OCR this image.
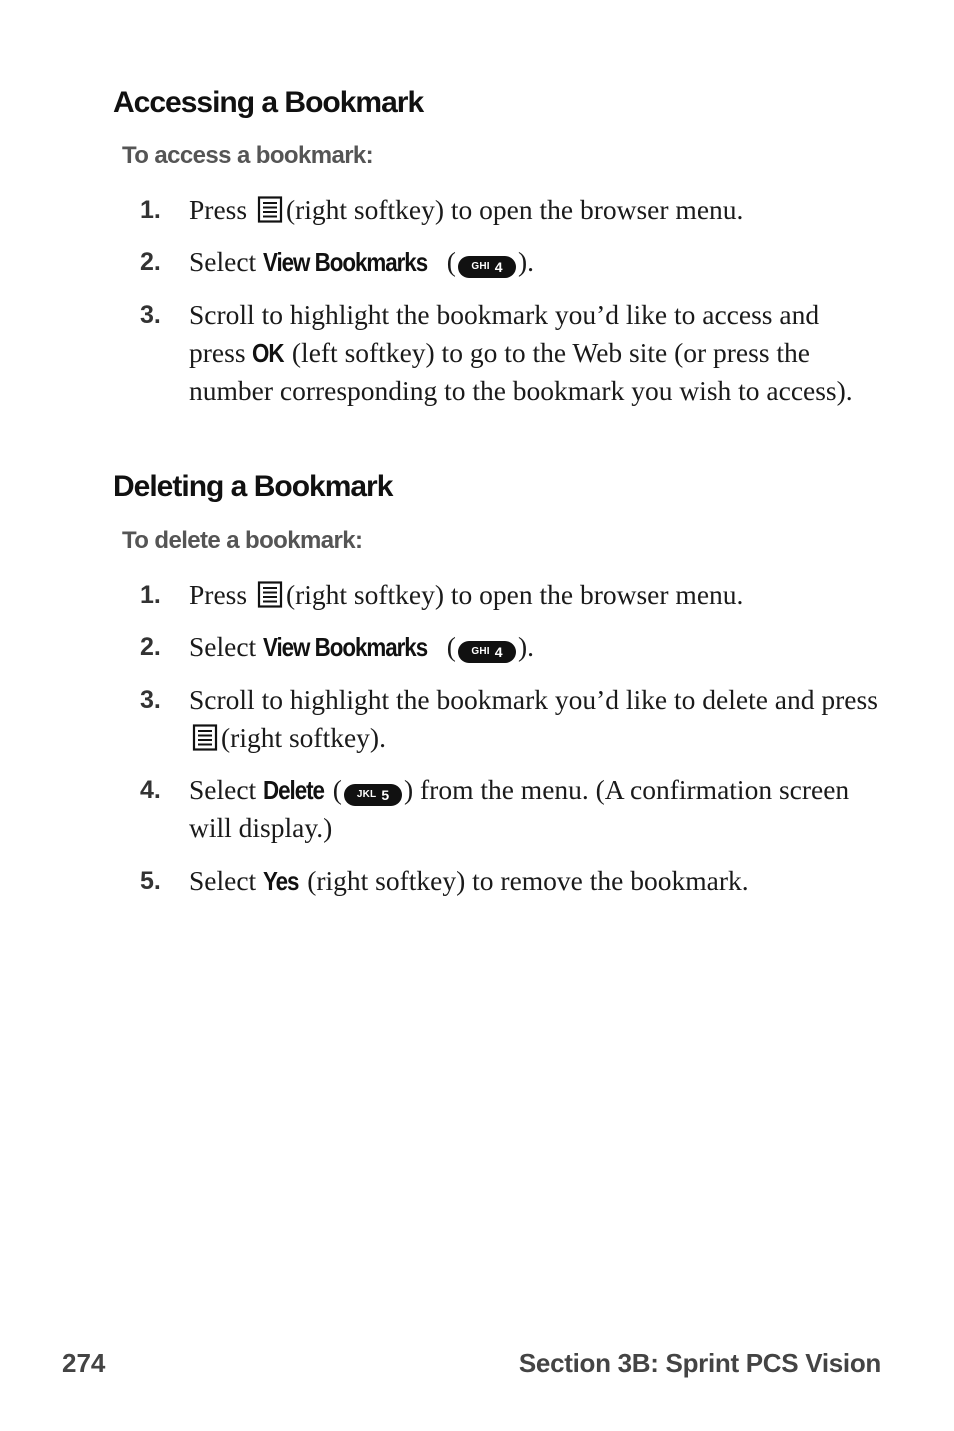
Accessing a Bookmark
To access a bookmark:
1.	Press (right softkey) to open the browser menu.
2.	Select View Bookmarks ( GHI 4 ).
3.	Scroll to highlight the bookmark you’d like to access and press OK (left softkey) to go to the Web site (or press the number corresponding to the bookmark you wish to access).
Deleting a Bookmark
To delete a bookmark:
1.	Press (right softkey) to open the browser menu.
2.	Select View Bookmarks ( GHI 4 ).
3.	Scroll to highlight the bookmark you’d like to delete and press (right softkey).
4.	Select Delete ( JKL 5 ) from the menu. (A confirmation screen will display.)
5.	Select Yes (right softkey) to remove the bookmark.
274	Section 3B: Sprint PCS Vision
